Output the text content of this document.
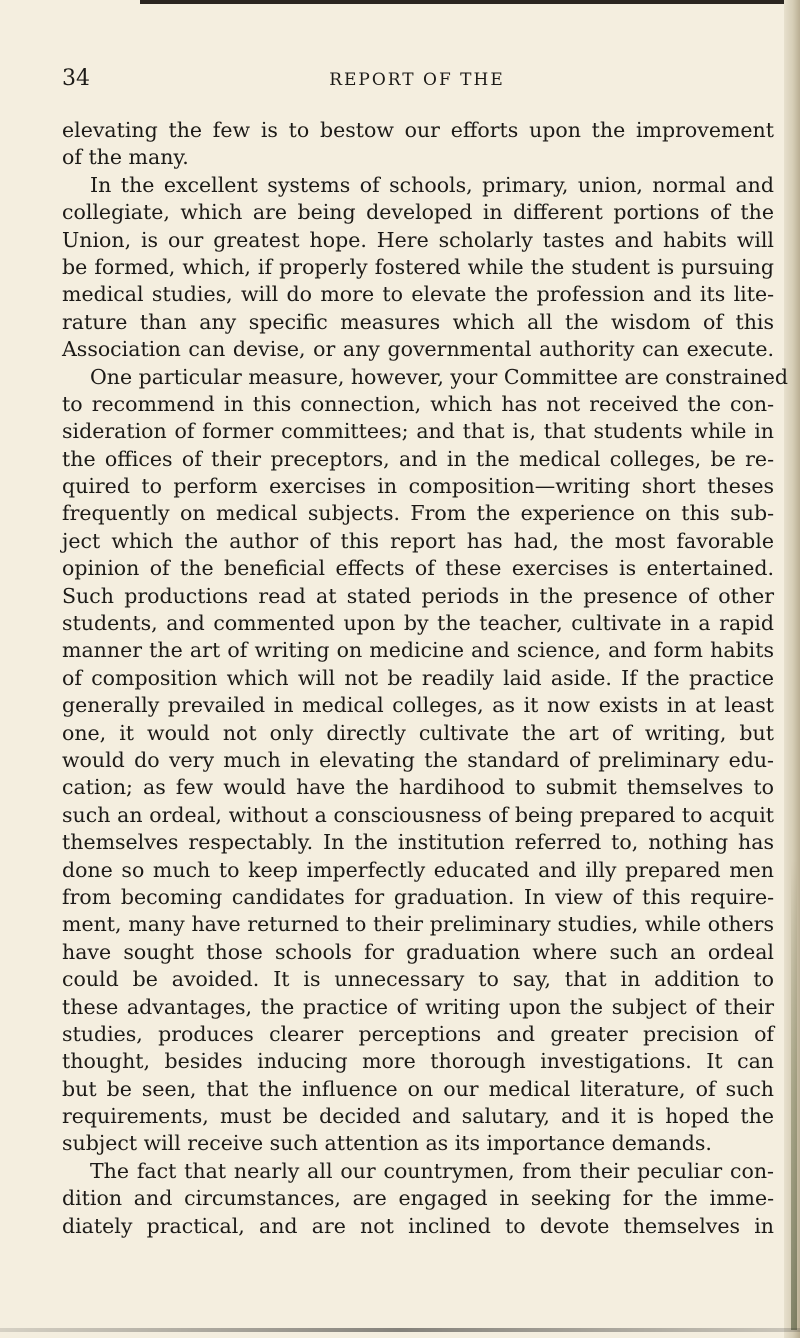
34	REPORT OF THE
elevating the few is to bestow our efforts upon the improvement
of the many.
In the excellent systems of schools, primary, union, normal and
collegiate, which are being developed in different portions of the
Union, is our greatest hope. Here scholarly tastes and habits will
be formed, which, if properly fostered while the student is pursuing
medical studies, will do more to elevate the profession and its lite-
rature than any specific measures which all the wisdom of this
Association can devise, or any governmental authority can execute.
One particular measure, however, your Committee are constrained
to recommend in this connection, which has not received the con-
sideration of former committees; and that is, that students while in
the offices of their preceptors, and in the medical colleges, be re-
quired to perform exercises in composition—writing short theses
frequently on medical subjects. From the experience on this sub-
ject which the author of this report has had, the most favorable
opinion of the beneficial effects of these exercises is entertained.
Such productions read at stated periods in the presence of other
students, and commented upon by the teacher, cultivate in a rapid
manner the art of writing on medicine and science, and form habits
of composition which will not be readily laid aside. If the practice
generally prevailed in medical colleges, as it now exists in at least
one, it would not only directly cultivate the art of writing, but
would do very much in elevating the standard of preliminary edu-
cation; as few would have the hardihood to submit themselves to
such an ordeal, without a consciousness of being prepared to acquit
themselves respectably. In the institution referred to, nothing has
done so much to keep imperfectly educated and illy prepared men
from becoming candidates for graduation. In view of this require-
ment, many have returned to their preliminary studies, while others
have sought those schools for graduation where such an ordeal
could be avoided. It is unnecessary to say, that in addition to
these advantages, the practice of writing upon the subject of their
studies, produces clearer perceptions and greater precision of
thought, besides inducing more thorough investigations. It can
but be seen, that the influence on our medical literature, of such
requirements, must be decided and salutary, and it is hoped the
subject will receive such attention as its importance demands.
The fact that nearly all our countrymen, from their peculiar con-
dition and circumstances, are engaged in seeking for the imme-
diately practical, and are not inclined to devote themselves in
